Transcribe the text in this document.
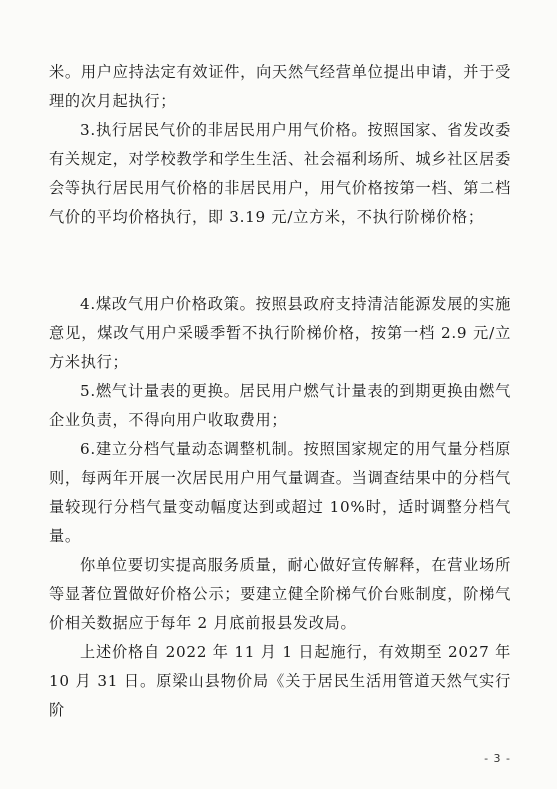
米。用户应持法定有效证件，向天然气经营单位提出申请，并于受理的次月起执行；

3.执行居民气价的非居民用户用气价格。按照国家、省发改委有关规定，对学校教学和学生生活、社会福利场所、城乡社区居委会等执行居民用气价格的非居民用户，用气价格按第一档、第二档气价的平均价格执行，即 3.19 元/立方米，不执行阶梯价格；

4.煤改气用户价格政策。按照县政府支持清洁能源发展的实施意见，煤改气用户采暖季暂不执行阶梯价格，按第一档 2.9 元/立方米执行；

5.燃气计量表的更换。居民用户燃气计量表的到期更换由燃气企业负责，不得向用户收取费用；

6.建立分档气量动态调整机制。按照国家规定的用气量分档原则，每两年开展一次居民用户用气量调查。当调查结果中的分档气量较现行分档气量变动幅度达到或超过 10%时，适时调整分档气量。

你单位要切实提高服务质量，耐心做好宣传解释，在营业场所等显著位置做好价格公示；要建立健全阶梯气价台账制度，阶梯气价相关数据应于每年 2 月底前报县发改局。

上述价格自 2022 年 11 月 1 日起施行，有效期至 2027 年 10 月 31 日。原梁山县物价局《关于居民生活用管道天然气实行阶

- 3 -
